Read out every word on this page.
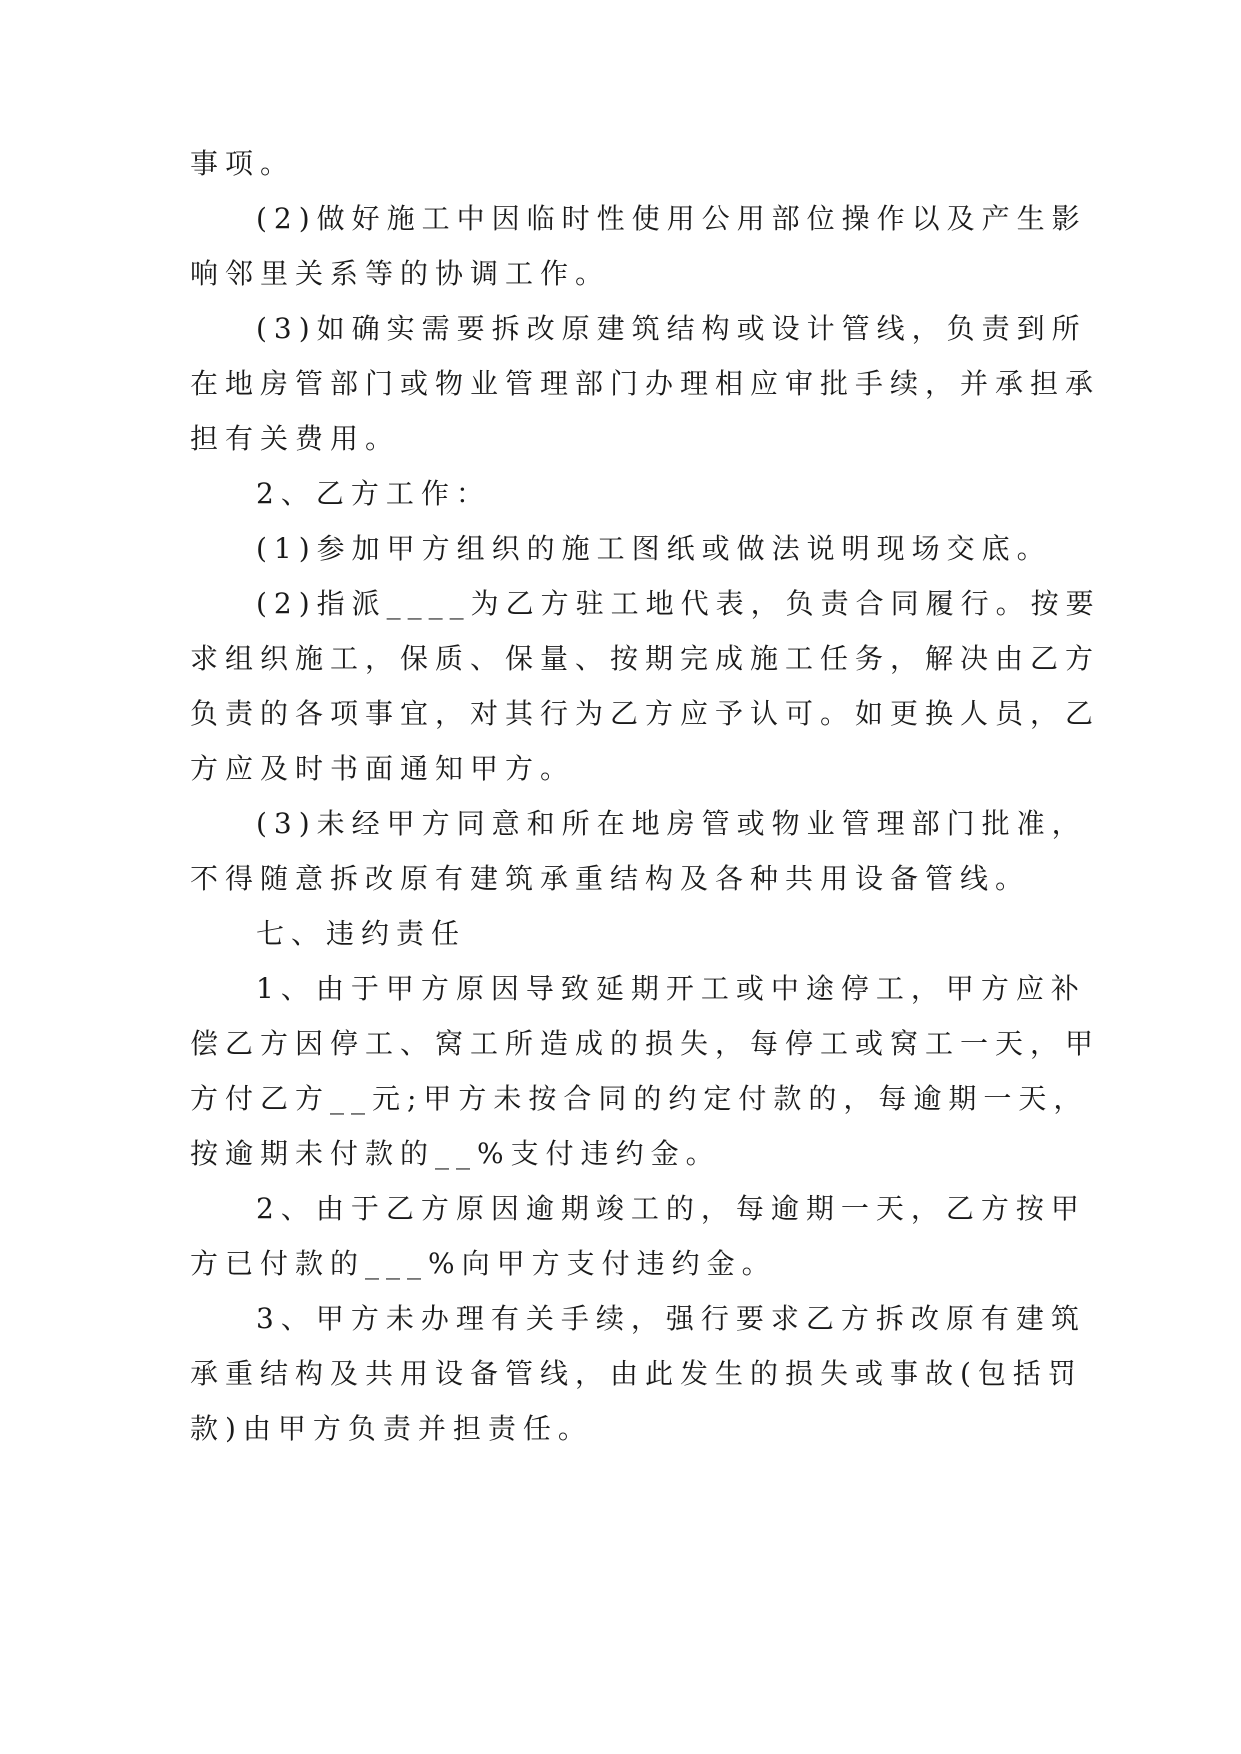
事项。
(2)做好施工中因临时性使用公用部位操作以及产生影
响邻里关系等的协调工作。
(3)如确实需要拆改原建筑结构或设计管线，负责到所
在地房管部门或物业管理部门办理相应审批手续，并承担承
担有关费用。
2、乙方工作：
(1)参加甲方组织的施工图纸或做法说明现场交底。
(2)指派____为乙方驻工地代表，负责合同履行。按要
求组织施工，保质、保量、按期完成施工任务，解决由乙方
负责的各项事宜，对其行为乙方应予认可。如更换人员，乙
方应及时书面通知甲方。
(3)未经甲方同意和所在地房管或物业管理部门批准，
不得随意拆改原有建筑承重结构及各种共用设备管线。
七、违约责任
1、由于甲方原因导致延期开工或中途停工，甲方应补
偿乙方因停工、窝工所造成的损失，每停工或窝工一天，甲
方付乙方__元;甲方未按合同的约定付款的，每逾期一天，
按逾期未付款的__%支付违约金。
2、由于乙方原因逾期竣工的，每逾期一天，乙方按甲
方已付款的___%向甲方支付违约金。
3、甲方未办理有关手续，强行要求乙方拆改原有建筑
承重结构及共用设备管线，由此发生的损失或事故(包括罚
款)由甲方负责并担责任。
